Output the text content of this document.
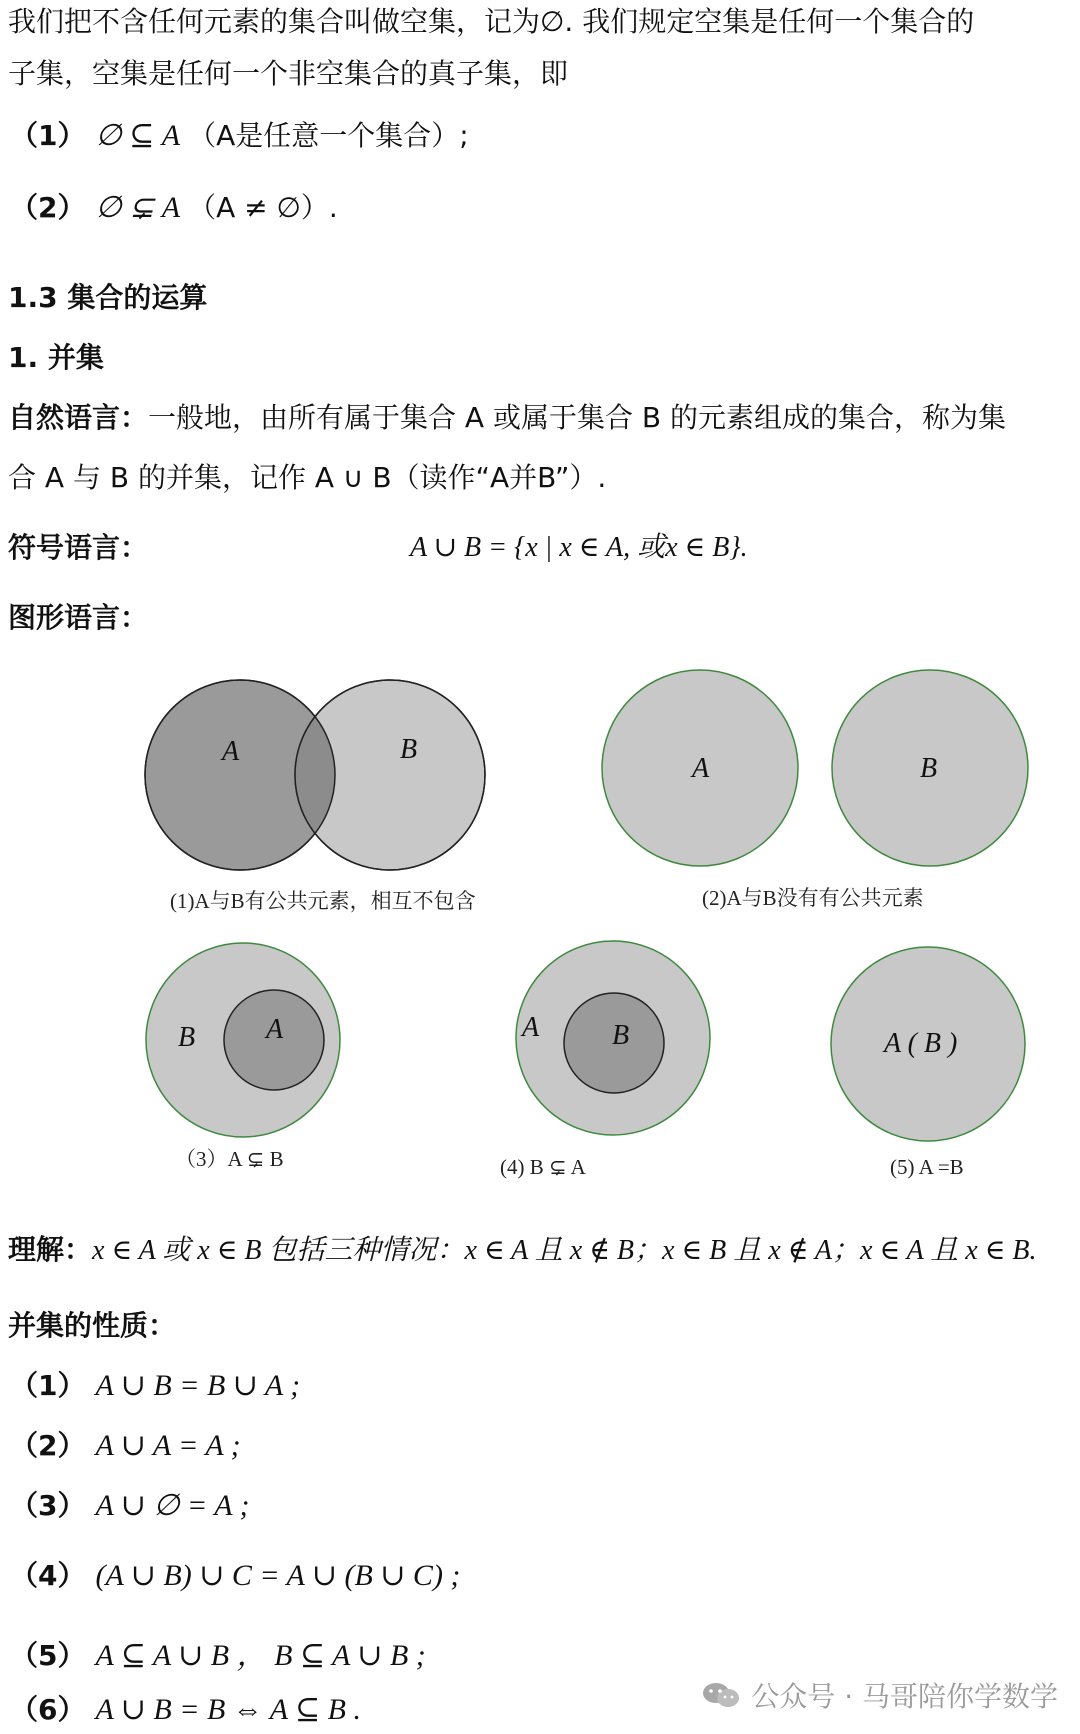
我们把不含任何元素的集合叫做空集，记为∅. 我们规定空集是任何一个集合的
子集，空集是任何一个非空集合的真子集，即
（1） ∅ ⊆ A （A是任意一个集合）;
（2） ∅ ⊊ A （A ≠ ∅）.
1.3 集合的运算
1. 并集
自然语言：一般地，由所有属于集合 A 或属于集合 B 的元素组成的集合，称为集
合 A 与 B 的并集，记作 A ∪ B（读作“A并B”）.
符号语言：	A ∪ B = {x | x ∈ A, 或x ∈ B}.
图形语言：
A	B
(1)A与B有公共元素，相互不包含
A	B
(2)A与B没有有公共元素
B	A
（3）A ⊊ B
A	B
(4) B ⊊ A
A ( B )
(5) A =B
理解：x ∈ A 或 x ∈ B 包括三种情况：x ∈ A 且 x ∉ B；x ∈ B 且 x ∉ A；x ∈ A 且 x ∈ B.
并集的性质：
（1） A ∪ B = B ∪ A ;
（2） A ∪ A = A ;
（3） A ∪ ∅ = A ;
（4） (A ∪ B) ∪ C = A ∪ (B ∪ C) ;
（5） A ⊆ A ∪ B ， B ⊆ A ∪ B ;
（6） A ∪ B = B ⇔ A ⊆ B .	公众号 · 马哥陪你学数学
